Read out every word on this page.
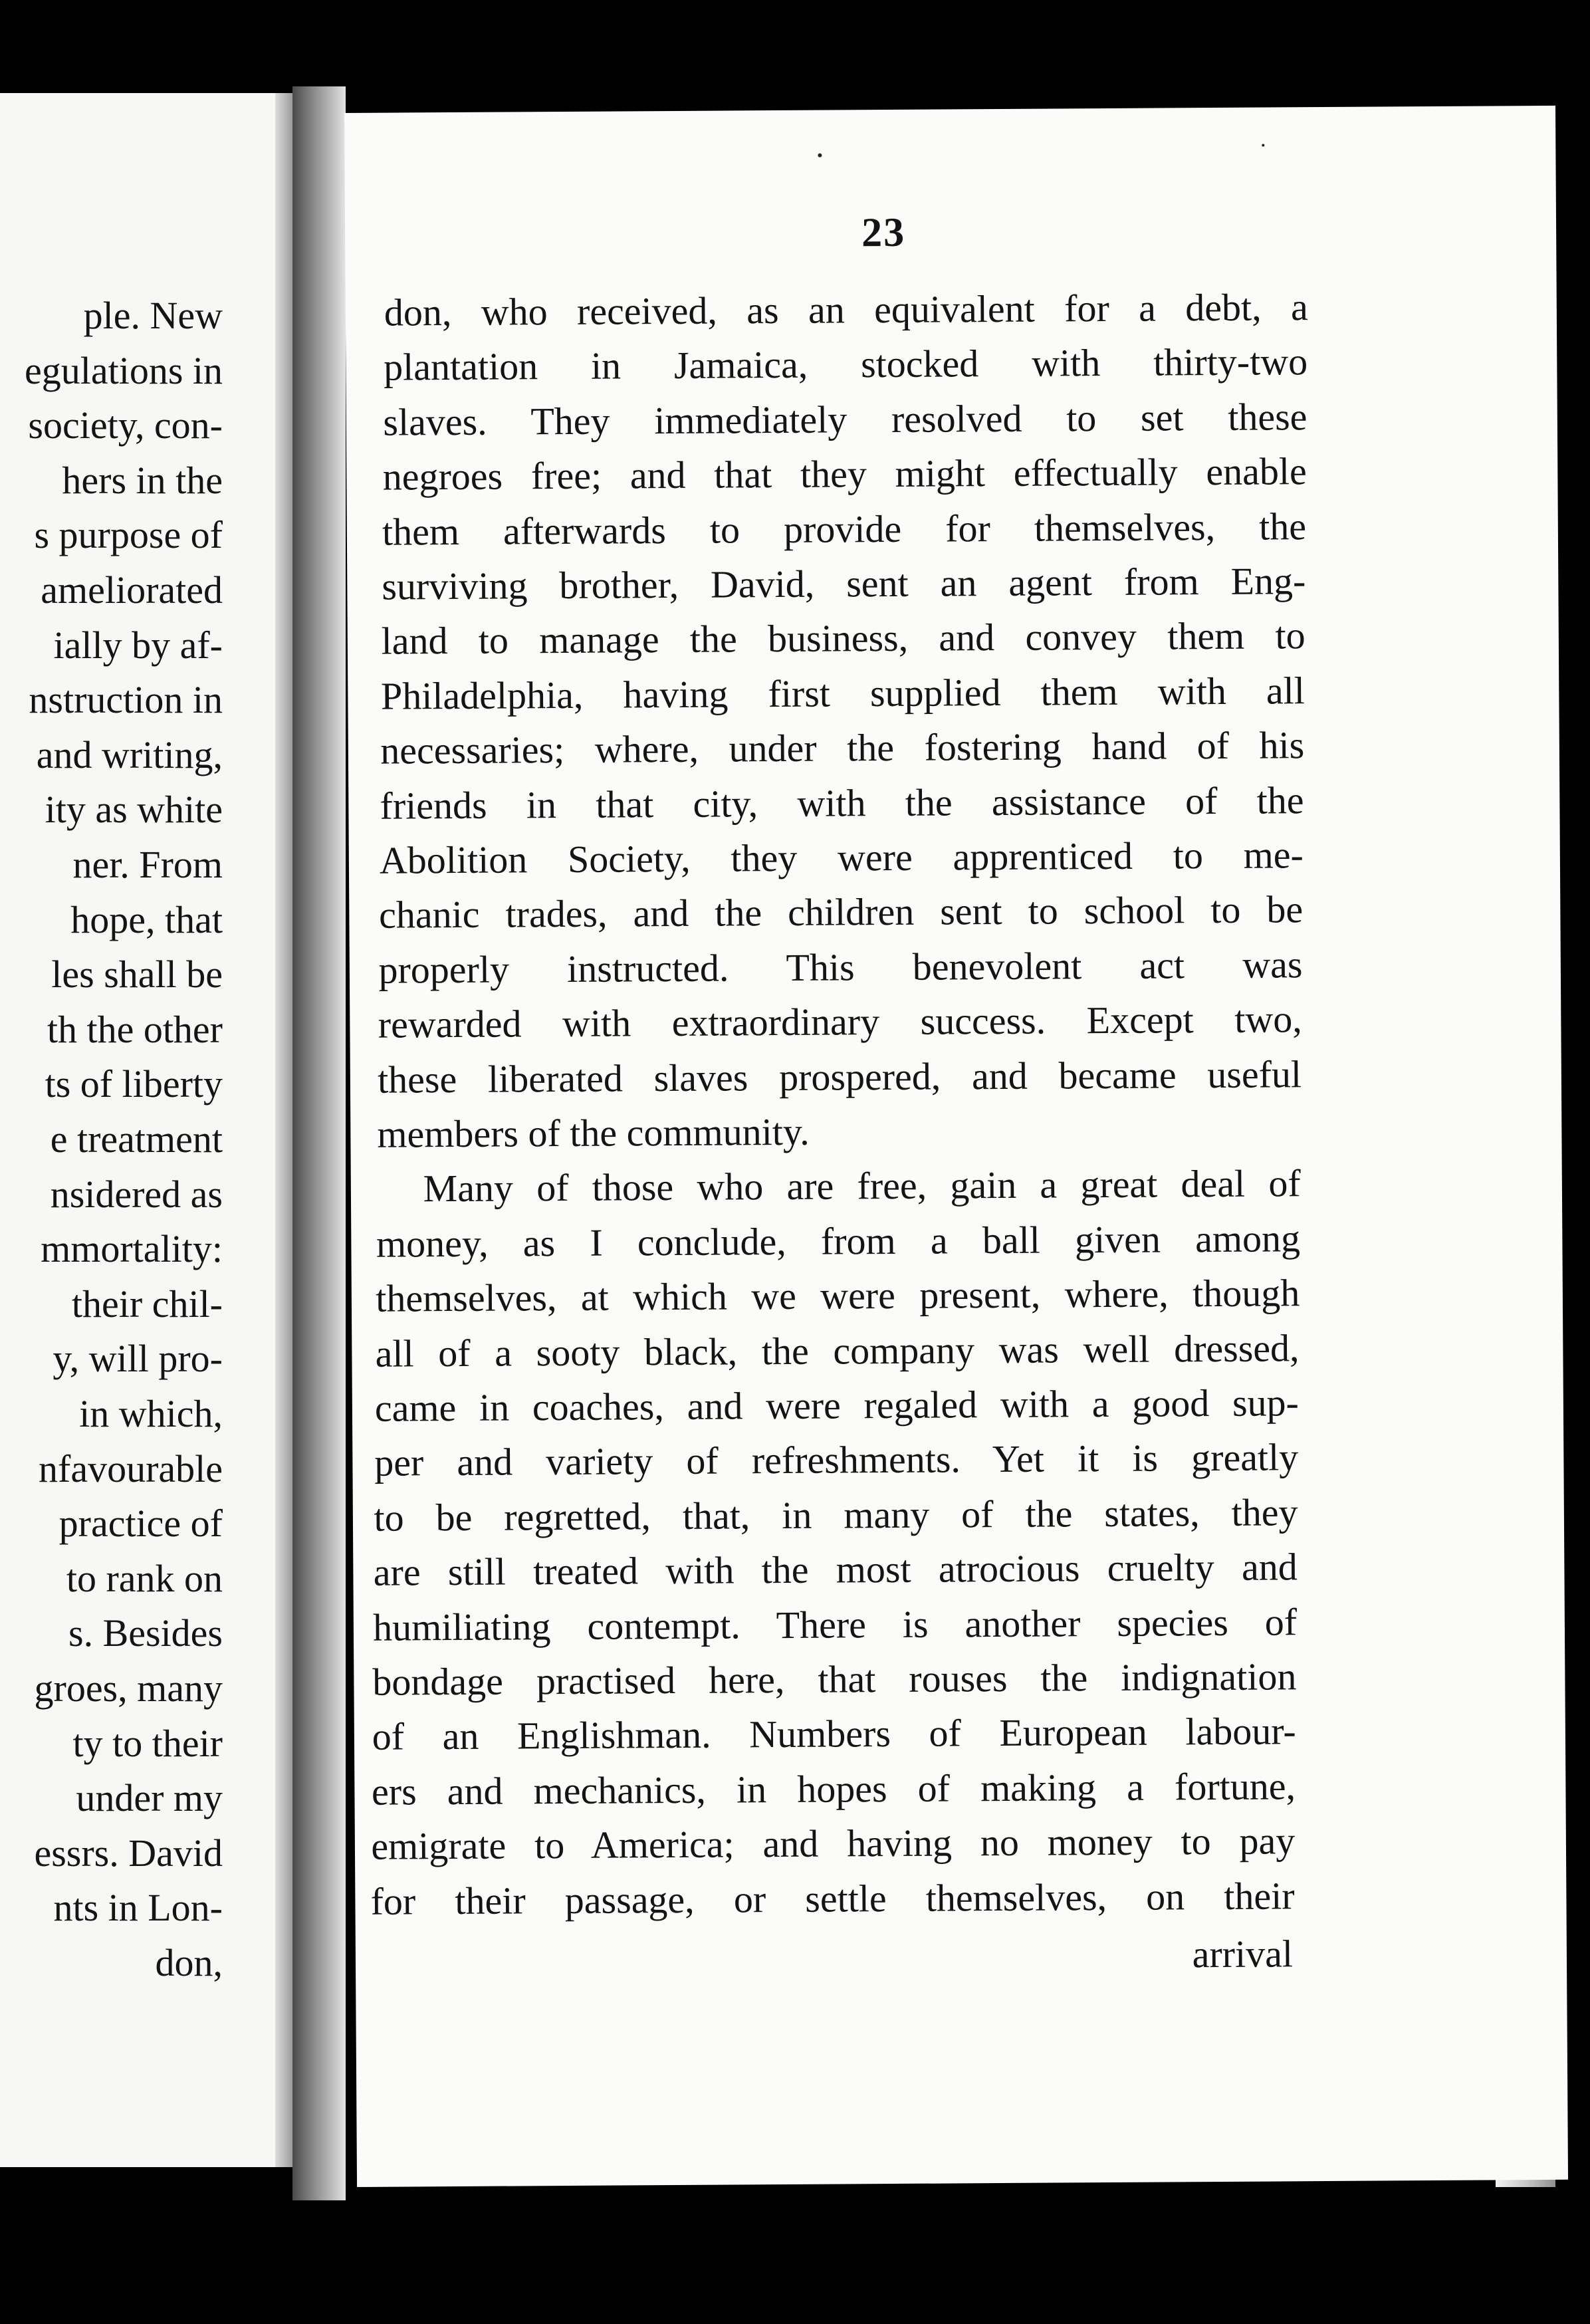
ple. New
egulations in
society, con-
hers in the
s purpose of
ameliorated
ially by af-
nstruction in
and writing,
ity as white
ner. From
hope, that
les shall be
th the other
ts of liberty
e treatment
nsidered as
mmortality:
their chil-
y, will pro-
in which,
nfavourable
practice of
to rank on
s. Besides
groes, many
ty to their
under my
essrs. David
nts in Lon-
don,
23
don, who received, as an equivalent for a debt, a
plantation in Jamaica, stocked with thirty-two
slaves. They immediately resolved to set these
negroes free; and that they might effectually enable
them afterwards to provide for themselves, the
surviving brother, David, sent an agent from Eng-
land to manage the business, and convey them to
Philadelphia, having first supplied them with all
necessaries; where, under the fostering hand of his
friends in that city, with the assistance of the
Abolition Society, they were apprenticed to me-
chanic trades, and the children sent to school to be
properly instructed. This benevolent act was
rewarded with extraordinary success. Except two,
these liberated slaves prospered, and became useful
members of the community.
Many of those who are free, gain a great deal of
money, as I conclude, from a ball given among
themselves, at which we were present, where, though
all of a sooty black, the company was well dressed,
came in coaches, and were regaled with a good sup-
per and variety of refreshments. Yet it is greatly
to be regretted, that, in many of the states, they
are still treated with the most atrocious cruelty and
humiliating contempt. There is another species of
bondage practised here, that rouses the indignation
of an Englishman. Numbers of European labour-
ers and mechanics, in hopes of making a fortune,
emigrate to America; and having no money to pay
for their passage, or settle themselves, on their
arrival
